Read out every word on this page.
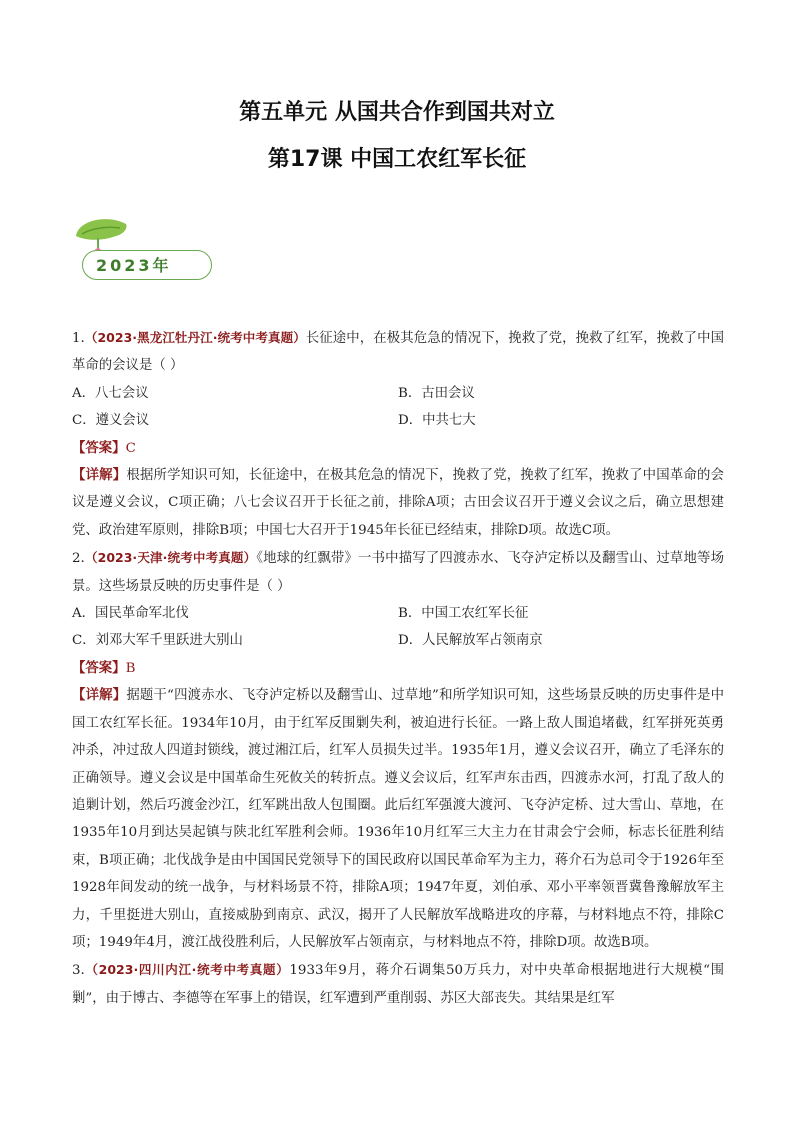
第五单元 从国共合作到国共对立
第17课 中国工农红军长征
2023年

1.（2023·黑龙江牡丹江·统考中考真题）长征途中，在极其危急的情况下，挽救了党，挽救了红军，挽救了中国革命的会议是（ ）

A．八七会议	B．古田会议
C．遵义会议	D．中共七大

【答案】C

【详解】根据所学知识可知，长征途中，在极其危急的情况下，挽救了党，挽救了红军，挽救了中国革命的会议是遵义会议，C项正确；八七会议召开于长征之前，排除A项；古田会议召开于遵义会议之后，确立思想建党、政治建军原则，排除B项；中国七大召开于1945年长征已经结束，排除D项。故选C项。

2.（2023·天津·统考中考真题）《地球的红飘带》一书中描写了四渡赤水、飞夺泸定桥以及翻雪山、过草地等场景。这些场景反映的历史事件是（ ）

A．国民革命军北伐	B．中国工农红军长征
C．刘邓大军千里跃进大别山	D．人民解放军占领南京

【答案】B

【详解】据题干“四渡赤水、飞夺泸定桥以及翻雪山、过草地”和所学知识可知，这些场景反映的历史事件是中国工农红军长征。1934年10月，由于红军反围剿失利，被迫进行长征。一路上敌人围追堵截，红军拼死英勇冲杀，冲过敌人四道封锁线，渡过湘江后，红军人员损失过半。1935年1月，遵义会议召开，确立了毛泽东的正确领导。遵义会议是中国革命生死攸关的转折点。遵义会议后，红军声东击西，四渡赤水河，打乱了敌人的追剿计划，然后巧渡金沙江，红军跳出敌人包围圈。此后红军强渡大渡河、飞夺泸定桥、过大雪山、草地，在1935年10月到达吴起镇与陕北红军胜利会师。1936年10月红军三大主力在甘肃会宁会师，标志长征胜利结束，B项正确；北伐战争是由中国国民党领导下的国民政府以国民革命军为主力，蒋介石为总司令于1926年至1928年间发动的统一战争，与材料场景不符，排除A项；1947年夏，刘伯承、邓小平率领晋冀鲁豫解放军主力，千里挺进大别山，直接威胁到南京、武汉，揭开了人民解放军战略进攻的序幕，与材料地点不符，排除C项；1949年4月，渡江战役胜利后，人民解放军占领南京，与材料地点不符，排除D项。故选B项。

3.（2023·四川内江·统考中考真题）1933年9月，蒋介石调集50万兵力，对中央革命根据地进行大规模“围剿”，由于博古、李德等在军事上的错误，红军遭到严重削弱、苏区大部丧失。其结果是红军
